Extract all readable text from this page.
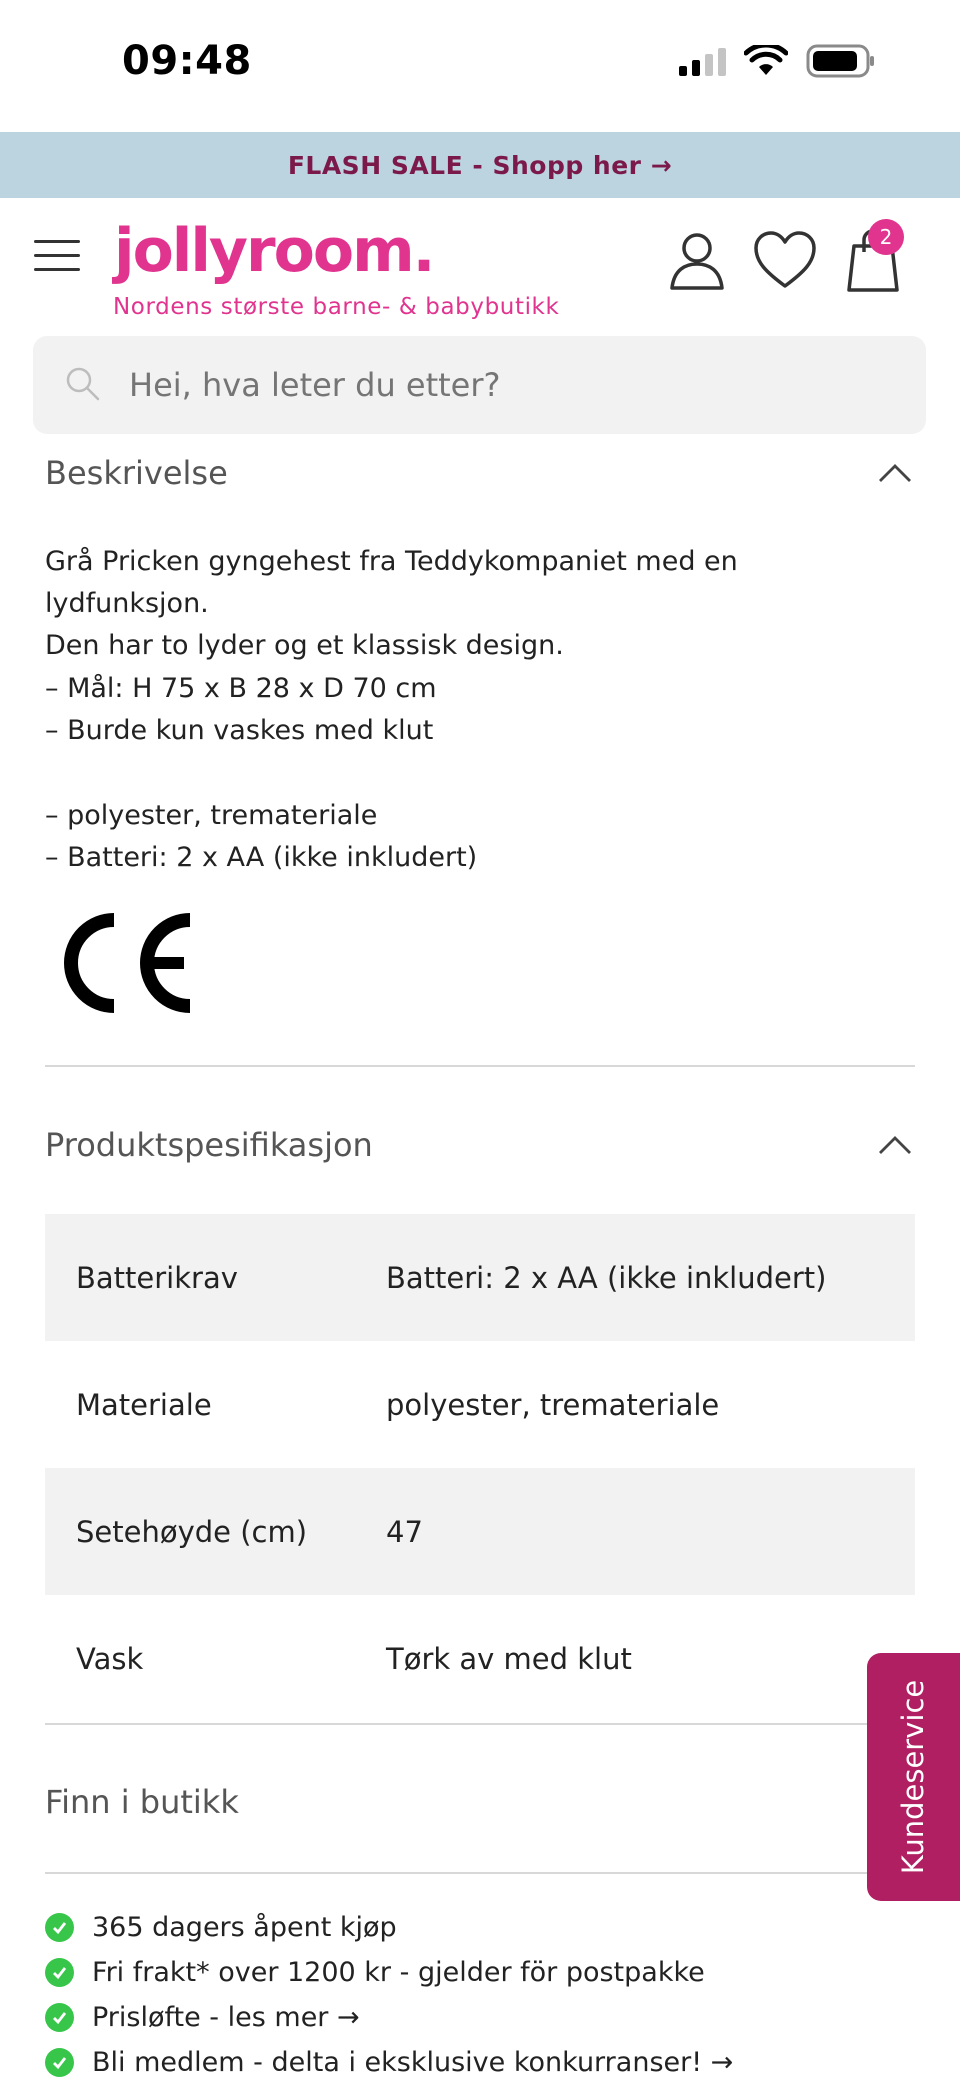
09:48
FLASH SALE - Shopp her →
jollyroom.
Nordens største barne- & babybutikk
2
Hei, hva leter du etter?
Beskrivelse
Grå Pricken gyngehest fra Teddykompaniet med en lydfunksjon.
Den har to lyder og et klassisk design.
– Mål: H 75 x B 28 x D 70 cm
– Burde kun vaskes med klut
– polyester, tremateriale
– Batteri: 2 x AA (ikke inkludert)
Produktspesifikasjon
Batterikrav	Batteri: 2 x AA (ikke inkludert)
Materiale	polyester, tremateriale
Setehøyde (cm)	47
Vask	Tørk av med klut
Finn i butikk
365 dagers åpent kjøp
Fri frakt* over 1200 kr - gjelder för postpakke
Prisløfte - les mer →
Bli medlem - delta i eksklusive konkurranser! →
Kundeservice
